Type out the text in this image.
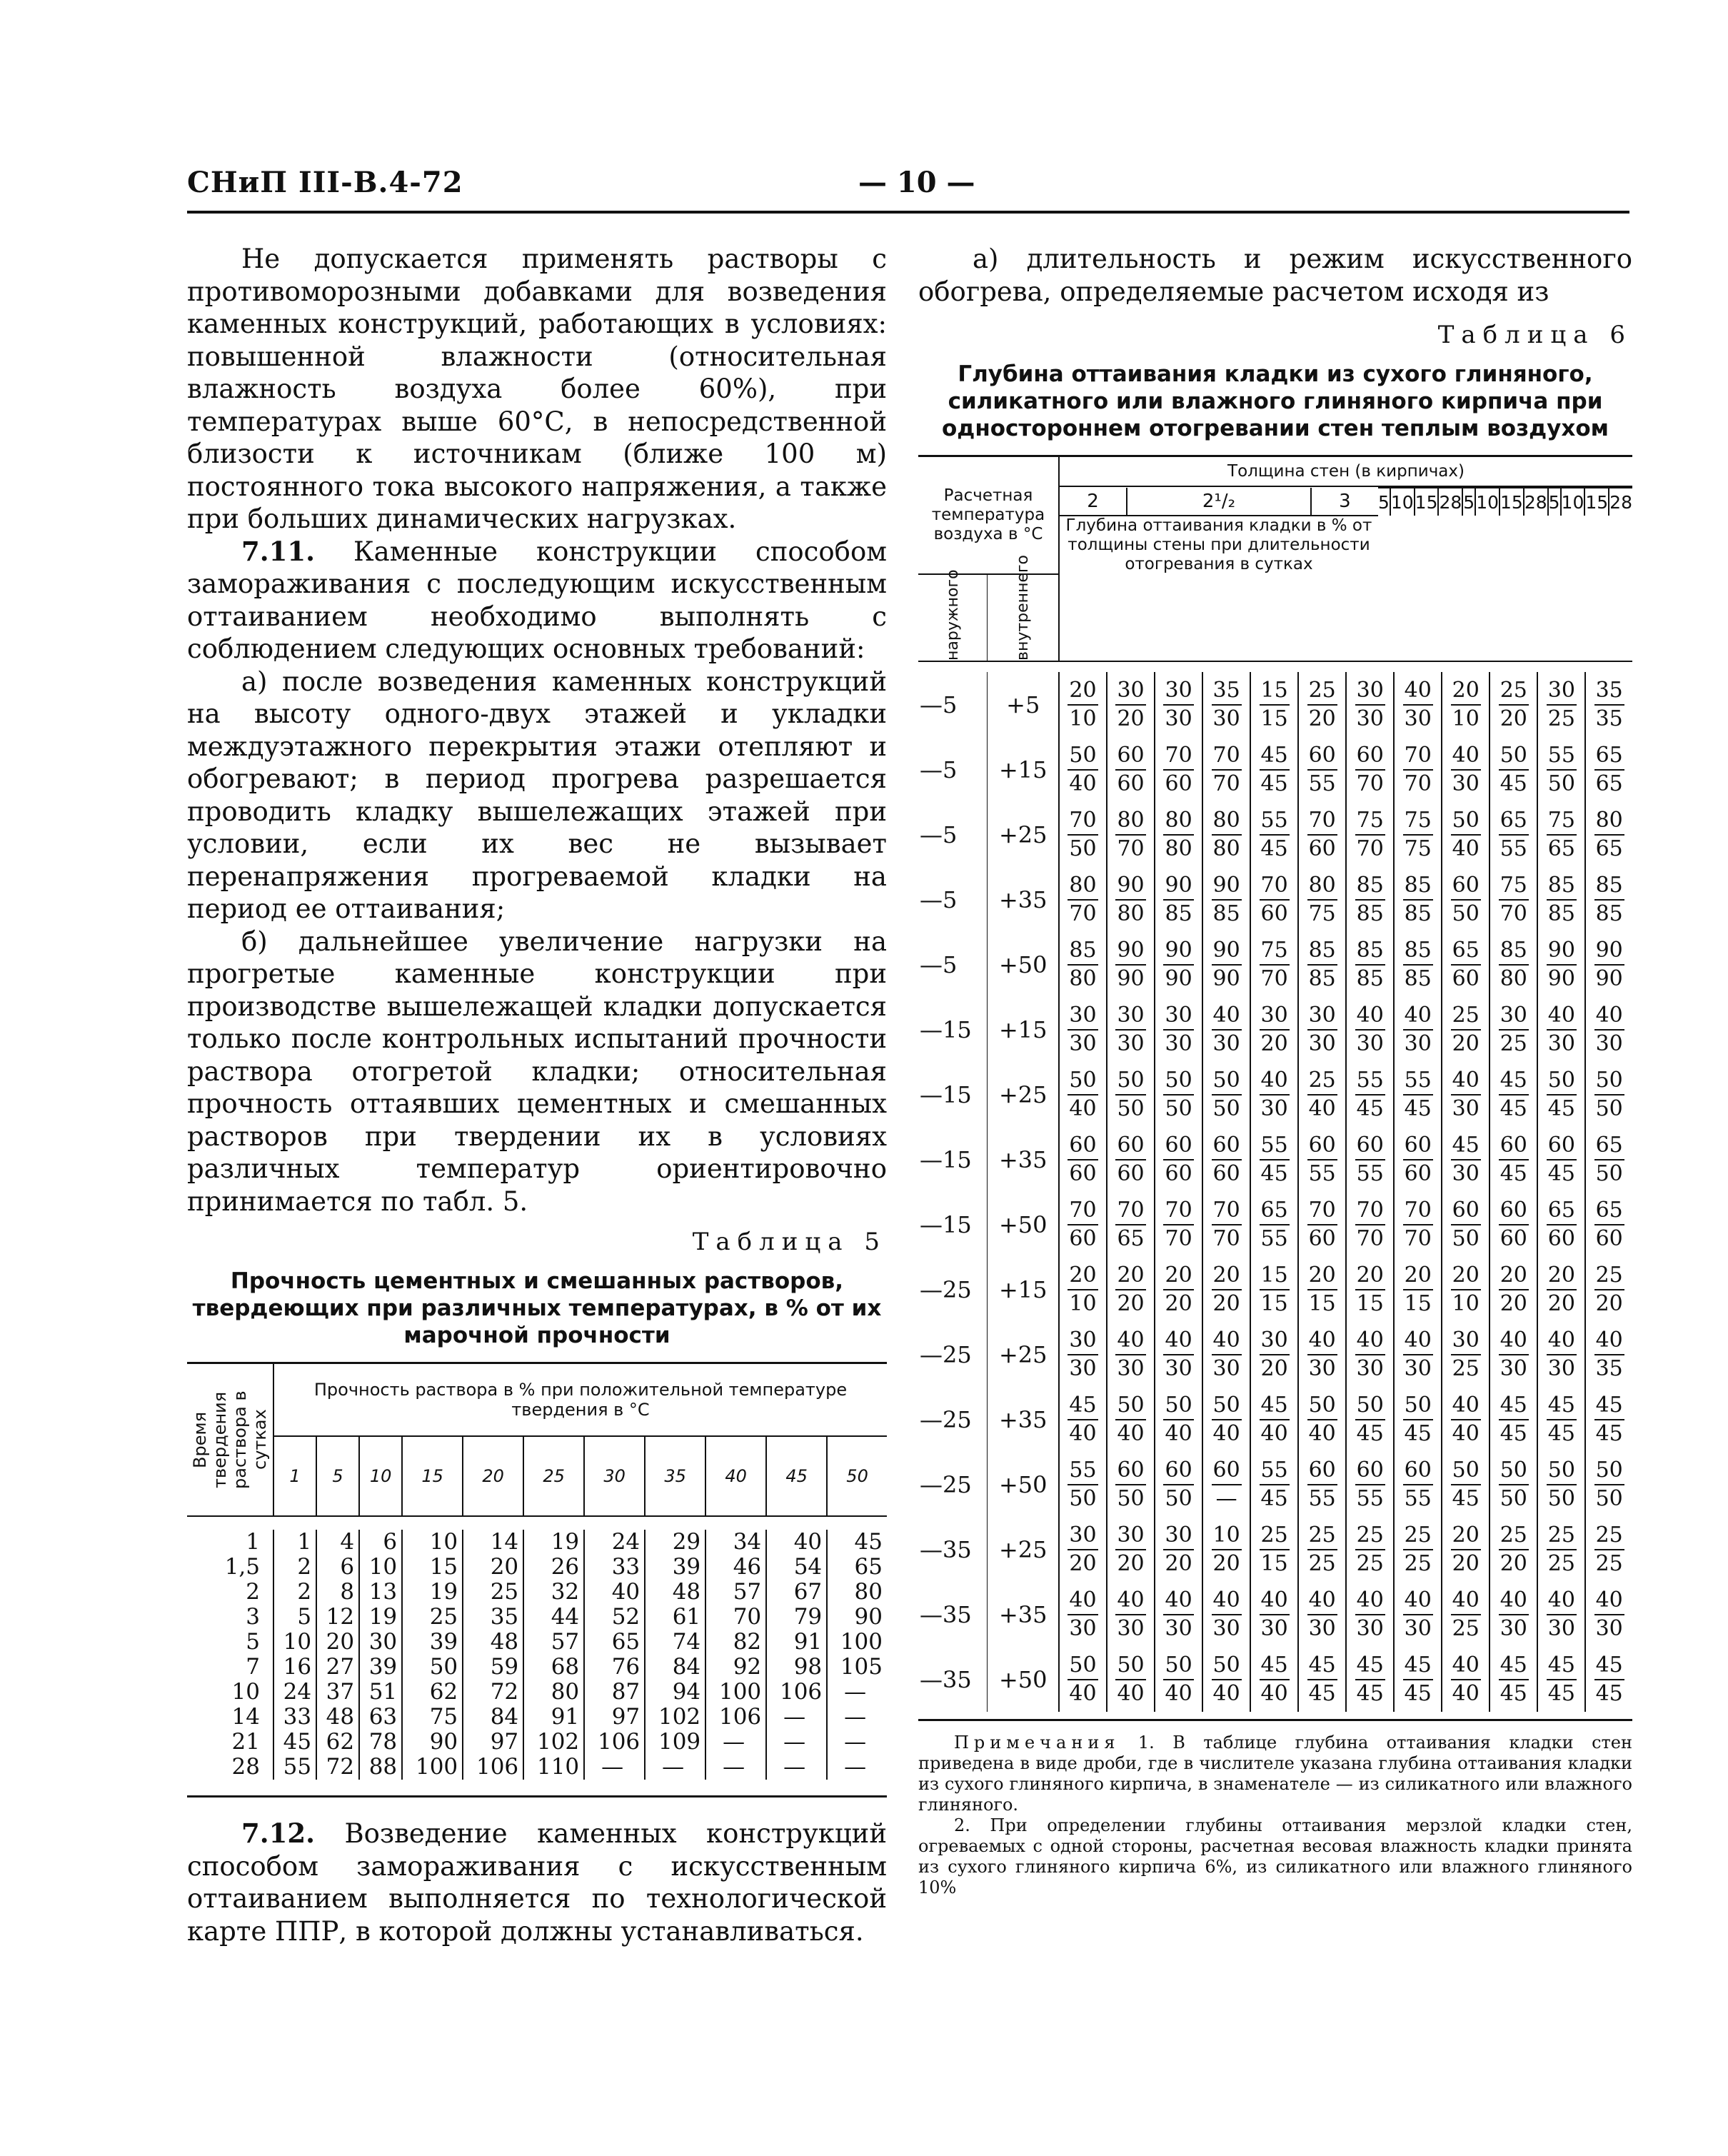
СНиП III-В.4-72	— 10 —

Не допускается применять растворы с противоморозными добавками для возведения каменных конструкций, работающих в условиях: повышенной влажности (относительная влажность воздуха более 60%), при температурах выше 60°С, в непосредственной близости к источникам (ближе 100 м) постоянного тока высокого напряжения, а также при больших динамических нагрузках.

7.11. Каменные конструкции способом замораживания с последующим искусственным оттаиванием необходимо выполнять с соблюдением следующих основных требований:

а) после возведения каменных конструкций на высоту одного-двух этажей и укладки междуэтажного перекрытия этажи отепляют и обогревают; в период прогрева разрешается проводить кладку вышележащих этажей при условии, если их вес не вызывает перенапряжения прогреваемой кладки на период ее оттаивания;

б) дальнейшее увеличение нагрузки на прогретые каменные конструкции при производстве вышележащей кладки допускается только после контрольных испытаний прочности раствора отогретой кладки; относительная прочность оттаявших цементных и смешанных растворов при твердении их в условиях различных температур ориентировочно принимается по табл. 5.

Таблица 5
Прочность цементных и смешанных растворов, твердеющих при различных температурах, в % от их марочной прочности
Время твердения раствора в сутках	Прочность раствора в % при положительной температуре твердения в °С										
	1	5	10	15	20	25	30	35	40	45	50

1	1	4	6	10	14	19	24	29	34	40	45
1,5	2	6	10	15	20	26	33	39	46	54	65
2	2	8	13	19	25	32	40	48	57	67	80
3	5	12	19	25	35	44	52	61	70	79	90
5	10	20	30	39	48	57	65	74	82	91	100
7	16	27	39	50	59	68	76	84	92	98	105
10	24	37	51	62	72	80	87	94	100	106	—
14	33	48	63	75	84	91	97	102	106	—	—
21	45	62	78	90	97	102	106	109	—	—	—
28	55	72	88	100	106	110	—	—	—	—	—

7.12. Возведение каменных конструкций способом замораживания с искусственным оттаиванием выполняется по технологической карте ППР, в которой должны устанавливаться.

а) длительность и режим искусственного обогрева, определяемые расчетом исходя из

Таблица 6
Глубина оттаивания кладки из сухого глиняного, силикатного или влажного глиняного кирпича при одностороннем отогревании стен теплым воздухом
Расчетная температура воздуха в °С	Толщина стен (в кирпичах)

2	2¹/₂	3	5	10	15	28	5	10	15	28	5	10	15	28
Глубина оттаивания кладки в % от толщины стены при длительности отогревания в сутках

наружного	внутреннего

—5	+5	$\frac{20}{10}$	$\frac{30}{20}$	$\frac{30}{30}$	$\frac{35}{30}$	$\frac{15}{15}$	$\frac{25}{20}$	$\frac{30}{30}$	$\frac{40}{30}$	$\frac{20}{10}$	$\frac{25}{20}$	$\frac{30}{25}$	$\frac{35}{35}$

—5	+15	$\frac{50}{40}$	$\frac{60}{60}$	$\frac{70}{60}$	$\frac{70}{70}$	$\frac{45}{45}$	$\frac{60}{55}$	$\frac{60}{70}$	$\frac{70}{70}$	$\frac{40}{30}$	$\frac{50}{45}$	$\frac{55}{50}$	$\frac{65}{65}$

—5	+25	$\frac{70}{50}$	$\frac{80}{70}$	$\frac{80}{80}$	$\frac{80}{80}$	$\frac{55}{45}$	$\frac{70}{60}$	$\frac{75}{70}$	$\frac{75}{75}$	$\frac{50}{40}$	$\frac{65}{55}$	$\frac{75}{65}$	$\frac{80}{65}$

—5	+35	$\frac{80}{70}$	$\frac{90}{80}$	$\frac{90}{85}$	$\frac{90}{85}$	$\frac{70}{60}$	$\frac{80}{75}$	$\frac{85}{85}$	$\frac{85}{85}$	$\frac{60}{50}$	$\frac{75}{70}$	$\frac{85}{85}$	$\frac{85}{85}$

—5	+50	$\frac{85}{80}$	$\frac{90}{90}$	$\frac{90}{90}$	$\frac{90}{90}$	$\frac{75}{70}$	$\frac{85}{85}$	$\frac{85}{85}$	$\frac{85}{85}$	$\frac{65}{60}$	$\frac{85}{80}$	$\frac{90}{90}$	$\frac{90}{90}$

—15	+15	$\frac{30}{30}$	$\frac{30}{30}$	$\frac{30}{30}$	$\frac{40}{30}$	$\frac{30}{20}$	$\frac{30}{30}$	$\frac{40}{30}$	$\frac{40}{30}$	$\frac{25}{20}$	$\frac{30}{25}$	$\frac{40}{30}$	$\frac{40}{30}$

—15	+25	$\frac{50}{40}$	$\frac{50}{50}$	$\frac{50}{50}$	$\frac{50}{50}$	$\frac{40}{30}$	$\frac{25}{40}$	$\frac{55}{45}$	$\frac{55}{45}$	$\frac{40}{30}$	$\frac{45}{45}$	$\frac{50}{45}$	$\frac{50}{50}$

—15	+35	$\frac{60}{60}$	$\frac{60}{60}$	$\frac{60}{60}$	$\frac{60}{60}$	$\frac{55}{45}$	$\frac{60}{55}$	$\frac{60}{55}$	$\frac{60}{60}$	$\frac{45}{30}$	$\frac{60}{45}$	$\frac{60}{45}$	$\frac{65}{50}$

—15	+50	$\frac{70}{60}$	$\frac{70}{65}$	$\frac{70}{70}$	$\frac{70}{70}$	$\frac{65}{55}$	$\frac{70}{60}$	$\frac{70}{70}$	$\frac{70}{70}$	$\frac{60}{50}$	$\frac{60}{60}$	$\frac{65}{60}$	$\frac{65}{60}$

—25	+15	$\frac{20}{10}$	$\frac{20}{20}$	$\frac{20}{20}$	$\frac{20}{20}$	$\frac{15}{15}$	$\frac{20}{15}$	$\frac{20}{15}$	$\frac{20}{15}$	$\frac{20}{10}$	$\frac{20}{20}$	$\frac{20}{20}$	$\frac{25}{20}$

—25	+25	$\frac{30}{30}$	$\frac{40}{30}$	$\frac{40}{30}$	$\frac{40}{30}$	$\frac{30}{20}$	$\frac{40}{30}$	$\frac{40}{30}$	$\frac{40}{30}$	$\frac{30}{25}$	$\frac{40}{30}$	$\frac{40}{30}$	$\frac{40}{35}$

—25	+35	$\frac{45}{40}$	$\frac{50}{40}$	$\frac{50}{40}$	$\frac{50}{40}$	$\frac{45}{40}$	$\frac{50}{40}$	$\frac{50}{45}$	$\frac{50}{45}$	$\frac{40}{40}$	$\frac{45}{45}$	$\frac{45}{45}$	$\frac{45}{45}$

—25	+50	$\frac{55}{50}$	$\frac{60}{50}$	$\frac{60}{50}$	$\frac{60}{—}$	$\frac{55}{45}$	$\frac{60}{55}$	$\frac{60}{55}$	$\frac{60}{55}$	$\frac{50}{45}$	$\frac{50}{50}$	$\frac{50}{50}$	$\frac{50}{50}$

—35	+25	$\frac{30}{20}$	$\frac{30}{20}$	$\frac{30}{20}$	$\frac{10}{20}$	$\frac{25}{15}$	$\frac{25}{25}$	$\frac{25}{25}$	$\frac{25}{25}$	$\frac{20}{20}$	$\frac{25}{20}$	$\frac{25}{25}$	$\frac{25}{25}$

—35	+35	$\frac{40}{30}$	$\frac{40}{30}$	$\frac{40}{30}$	$\frac{40}{30}$	$\frac{40}{30}$	$\frac{40}{30}$	$\frac{40}{30}$	$\frac{40}{30}$	$\frac{40}{25}$	$\frac{40}{30}$	$\frac{40}{30}$	$\frac{40}{30}$

—35	+50	$\frac{50}{40}$	$\frac{50}{40}$	$\frac{50}{40}$	$\frac{50}{40}$	$\frac{45}{40}$	$\frac{45}{45}$	$\frac{45}{45}$	$\frac{45}{45}$	$\frac{40}{40}$	$\frac{45}{45}$	$\frac{45}{45}$	$\frac{45}{45}$

Примечания 1. В таблице глубина оттаивания кладки стен приведена в виде дроби, где в числителе указана глубина оттаивания кладки из сухого глиняного кирпича, в знаменателе — из силикатного или влажного глиняного.

2. При определении глубины оттаивания мерзлой кладки стен, огреваемых с одной стороны, расчетная весовая влажность кладки принята из сухого глиняного кирпича 6%, из силикатного или влажного глиняного 10%
